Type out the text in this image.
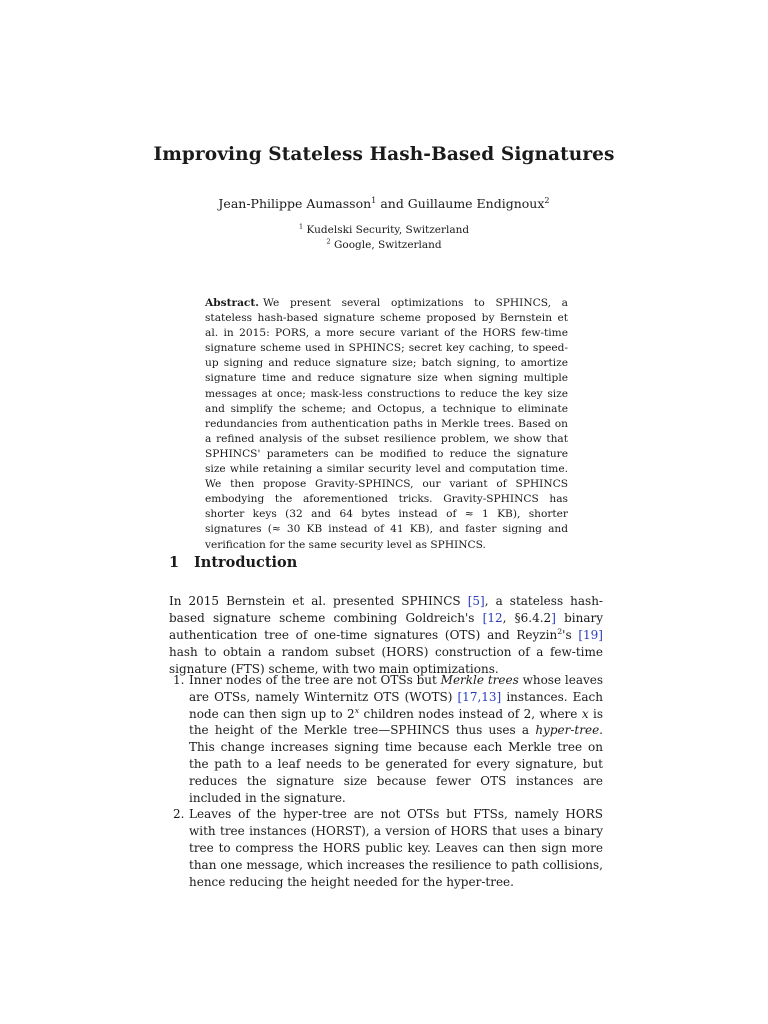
Improving Stateless Hash-Based Signatures
Jean-Philippe Aumasson$^1$ and Guillaume Endignoux$^2$
$^1$ Kudelski Security, Switzerland
$^2$ Google, Switzerland
Abstract. We present several optimizations to SPHINCS, a stateless hash-based signature scheme proposed by Bernstein et al. in 2015: PORS, a more secure variant of the HORS few-time signature scheme used in SPHINCS; secret key caching, to speed-up signing and reduce signature size; batch signing, to amortize signature time and reduce signature size when signing multiple messages at once; mask-less constructions to reduce the key size and simplify the scheme; and Octopus, a technique to eliminate redundancies from authentication paths in Merkle trees. Based on a refined analysis of the subset resilience problem, we show that SPHINCS' parameters can be modified to reduce the signature size while retaining a similar security level and computation time. We then propose Gravity-SPHINCS, our variant of SPHINCS embodying the aforementioned tricks. Gravity-SPHINCS has shorter keys (32 and 64 bytes instead of ≈ 1 KB), shorter signatures (≈ 30 KB instead of 41 KB), and faster signing and verification for the same security level as SPHINCS.
1 Introduction
In 2015 Bernstein et al. presented SPHINCS [5], a stateless hash-based signature scheme combining Goldreich's [12, §6.4.2] binary authentication tree of one-time signatures (OTS) and Reyzin$^2$'s [19] hash to obtain a random subset (HORS) construction of a few-time signature (FTS) scheme, with two main optimizations.
1. Inner nodes of the tree are not OTSs but Merkle trees whose leaves are OTSs, namely Winternitz OTS (WOTS) [17,13] instances. Each node can then sign up to 2$^x$ children nodes instead of 2, where x is the height of the Merkle tree—SPHINCS thus uses a hyper-tree. This change increases signing time because each Merkle tree on the path to a leaf needs to be generated for every signature, but reduces the signature size because fewer OTS instances are included in the signature.
2. Leaves of the hyper-tree are not OTSs but FTSs, namely HORS with tree instances (HORST), a version of HORS that uses a binary tree to compress the HORS public key. Leaves can then sign more than one message, which increases the resilience to path collisions, hence reducing the height needed for the hyper-tree.
